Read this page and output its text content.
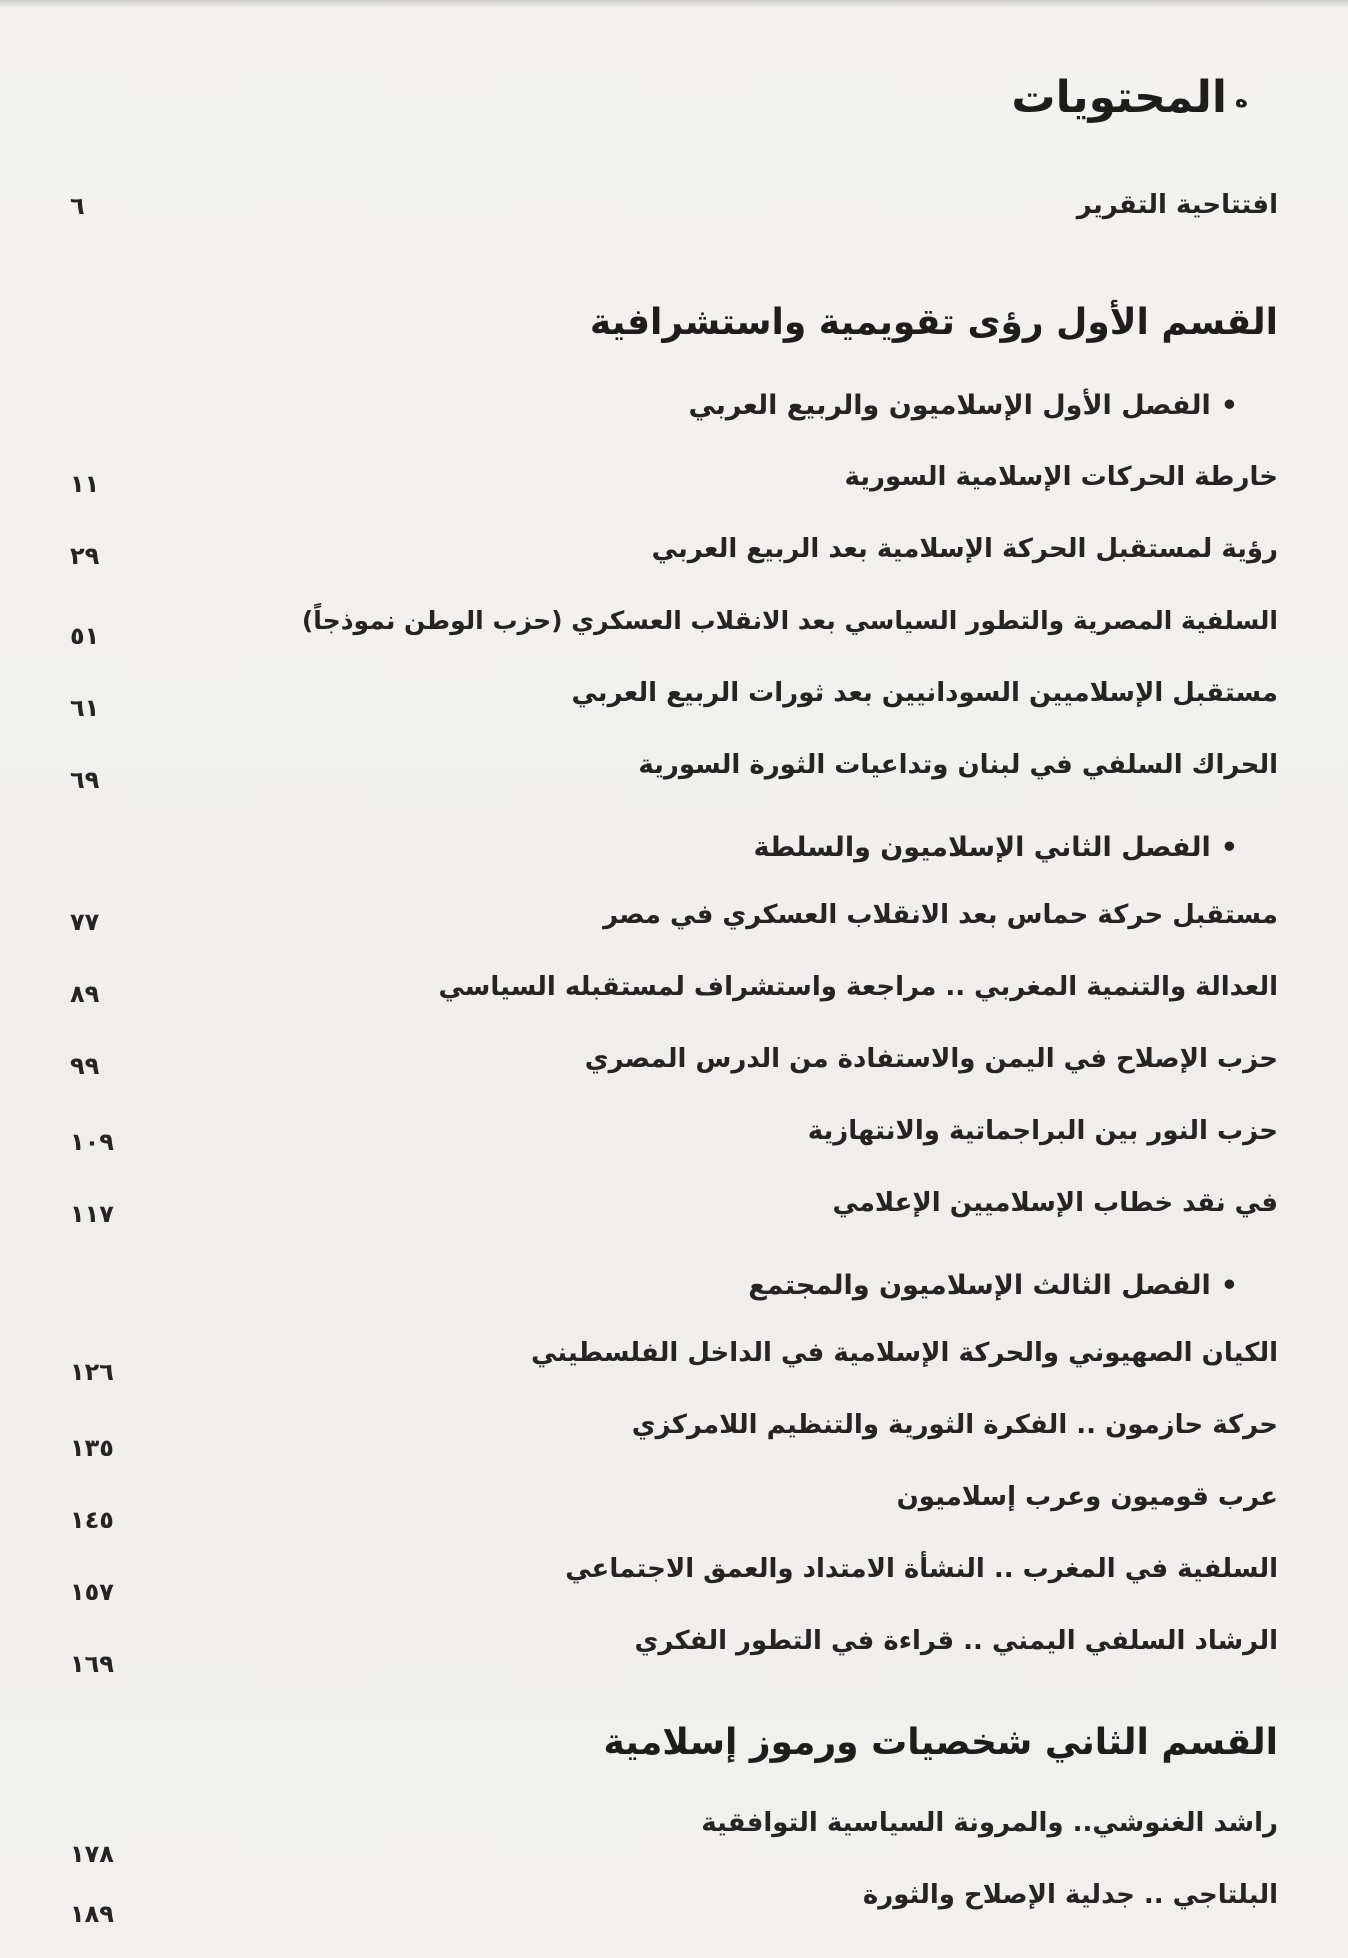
هالمحتويات
افتتاحية التقرير
٦
القسم الأول رؤى تقويمية واستشرافية
•الفصل الأول الإسلاميون والربيع العربي
خارطة الحركات الإسلامية السورية
١١
رؤية لمستقبل الحركة الإسلامية بعد الربيع العربي
٢٩
السلفية المصرية والتطور السياسي بعد الانقلاب العسكري (حزب الوطن نموذجاً)
٥١
مستقبل الإسلاميين السودانيين بعد ثورات الربيع العربي
٦١
الحراك السلفي في لبنان وتداعيات الثورة السورية
٦٩
•الفصل الثاني الإسلاميون والسلطة
مستقبل حركة حماس بعد الانقلاب العسكري في مصر
٧٧
العدالة والتنمية المغربي .. مراجعة واستشراف لمستقبله السياسي
٨٩
حزب الإصلاح في اليمن والاستفادة من الدرس المصري
٩٩
حزب النور بين البراجماتية والانتهازية
١٠٩
في نقد خطاب الإسلاميين الإعلامي
١١٧
•الفصل الثالث الإسلاميون والمجتمع
الكيان الصهيوني والحركة الإسلامية في الداخل الفلسطيني
١٢٦
حركة حازمون .. الفكرة الثورية والتنظيم اللامركزي
١٣٥
عرب قوميون وعرب إسلاميون
١٤٥
السلفية في المغرب .. النشأة الامتداد والعمق الاجتماعي
١٥٧
الرشاد السلفي اليمني .. قراءة في التطور الفكري
١٦٩
القسم الثاني شخصيات ورموز إسلامية
راشد الغنوشي.. والمرونة السياسية التوافقية
١٧٨
البلتاجي .. جدلية الإصلاح والثورة
١٨٩
